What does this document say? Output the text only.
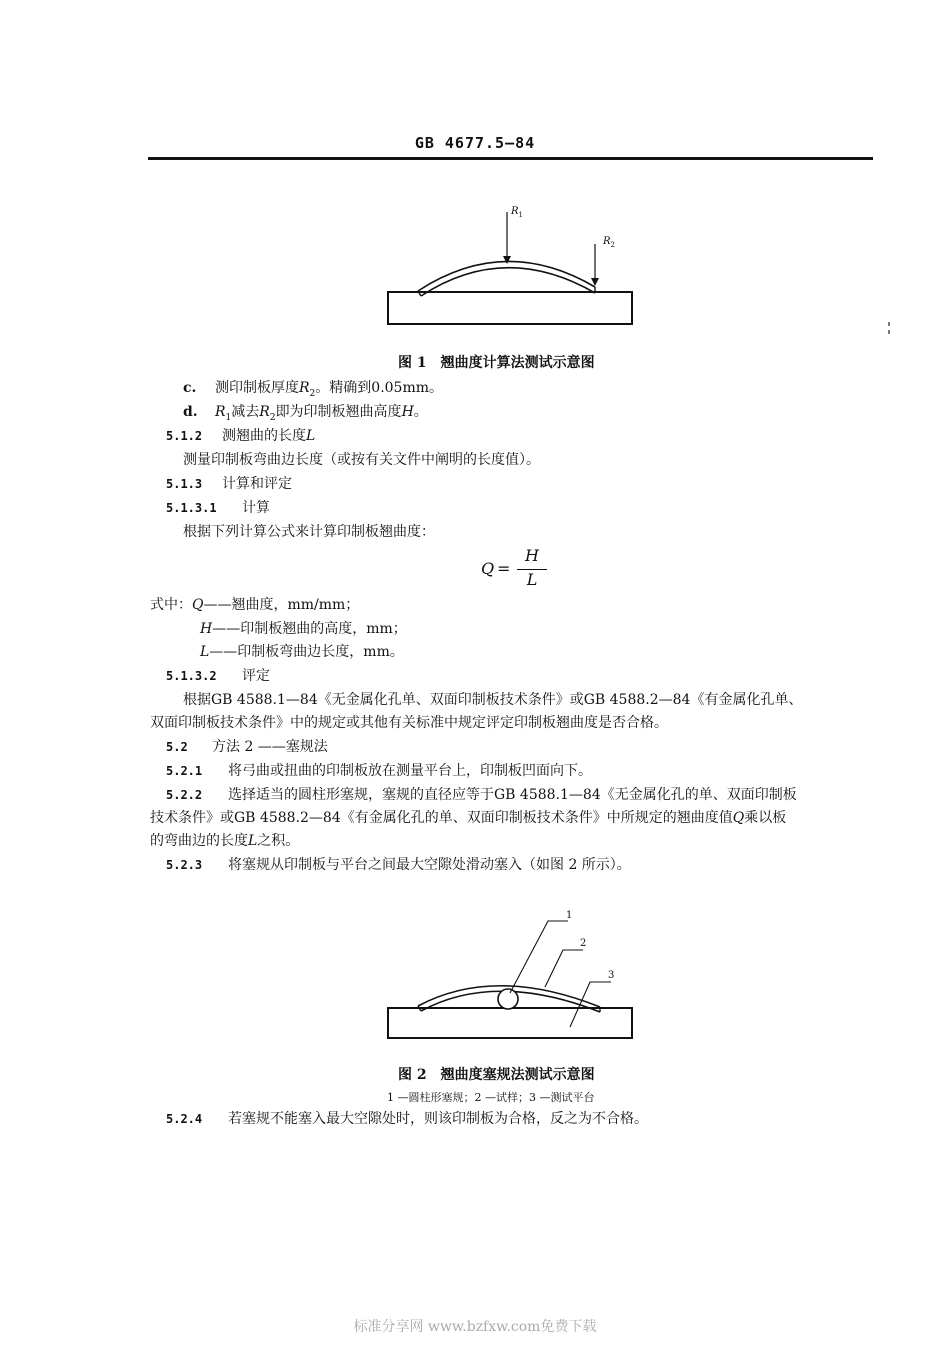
GB 4677.5—84
$R_1$
$R_2$
图 1　翘曲度计算法测试示意图
c. 测印制板厚度$R_2$。精确到0.05mm。
d. $R_1$减去$R_2$即为印制板翘曲高度H。
5.1.2 测翘曲的长度L
测量印制板弯曲边长度（或按有关文件中阐明的长度值）。
5.1.3 计算和评定
5.1.3.1 计算
根据下列计算公式来计算印制板翘曲度：
Q =
H
L
式中：Q——翘曲度，mm/mm；
H——印制板翘曲的高度，mm；
L——印制板弯曲边长度，mm。
5.1.3.2 评定
根据GB 4588.1—84《无金属化孔单、双面印制板技术条件》或GB 4588.2—84《有金属化孔单、
双面印制板技术条件》中的规定或其他有关标准中规定评定印制板翘曲度是否合格。
5.2 方法 2 ——塞规法
5.2.1 将弓曲或扭曲的印制板放在测量平台上，印制板凹面向下。
5.2.2 选择适当的圆柱形塞规，塞规的直径应等于GB 4588.1—84《无金属化孔的单、双面印制板
技术条件》或GB 4588.2—84《有金属化孔的单、双面印制板技术条件》中所规定的翘曲度值Q乘以板
的弯曲边的长度L之积。
5.2.3 将塞规从印制板与平台之间最大空隙处滑动塞入（如图 2 所示）。
1
2
3
图 2　翘曲度塞规法测试示意图
1 —圆柱形塞规；2 —试样；3 —测试平台
5.2.4 若塞规不能塞入最大空隙处时，则该印制板为合格，反之为不合格。
标准分享网 www.bzfxw.com免费下载
